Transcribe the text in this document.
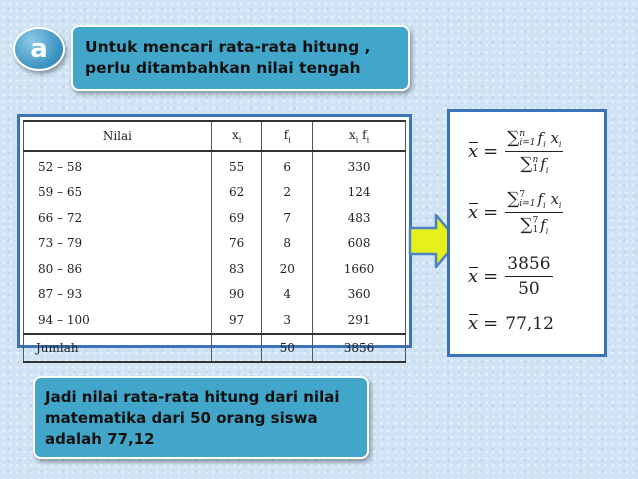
a	Untuk mencari rata-rata hitung ,
perlu ditambahkan nilai tengah
Nilai	$x_i$	$f_i$	$x_i$ $f_i$
52 – 58	55	6	330
59 – 65	62	2	124
66 – 72	69	7	483
73 – 79	76	8	608
80 – 86	83	20	1660
87 – 93	90	4	360
94 – 100	97	3	291
Jumlah		50	3856
x = ∑ n
i=1 $f_i$ $x_i$
∑ n
1 $f_i$
x = ∑ 7
i=1 $f_i$ $x_i$
∑ 7
1 $f_i$
$x = \frac{3856}{50}$
x = 77,12
Jadi nilai rata-rata hitung dari nilai
matematika dari 50 orang siswa
adalah 77,12
